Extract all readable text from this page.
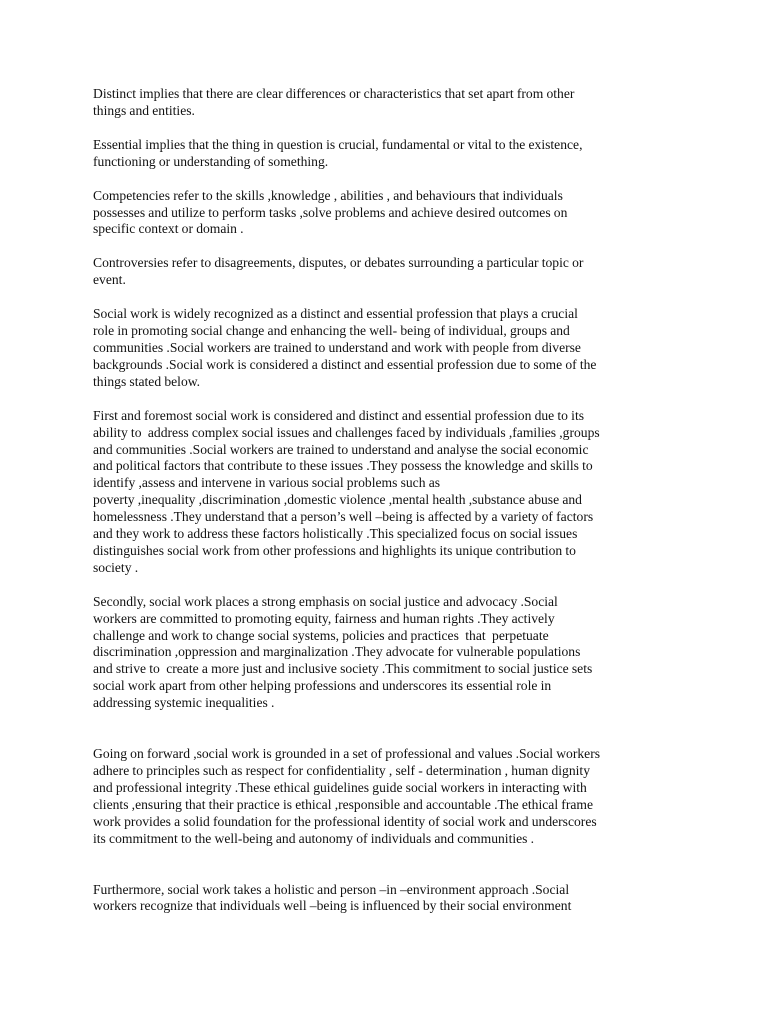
Distinct implies that there are clear differences or characteristics that set apart from other
things and entities.

Essential implies that the thing in question is crucial, fundamental or vital to the existence,
functioning or understanding of something.

Competencies refer to the skills ,knowledge , abilities , and behaviours that individuals
possesses and utilize to perform tasks ,solve problems and achieve desired outcomes on
specific context or domain .

Controversies refer to disagreements, disputes, or debates surrounding a particular topic or
event.

Social work is widely recognized as a distinct and essential profession that plays a crucial
role in promoting social change and enhancing the well- being of individual, groups and
communities .Social workers are trained to understand and work with people from diverse
backgrounds .Social work is considered a distinct and essential profession due to some of the
things stated below.

First and foremost social work is considered and distinct and essential profession due to its
ability to  address complex social issues and challenges faced by individuals ,families ,groups
and communities .Social workers are trained to understand and analyse the social economic
and political factors that contribute to these issues .They possess the knowledge and skills to
identify ,assess and intervene in various social problems such as
poverty ,inequality ,discrimination ,domestic violence ,mental health ,substance abuse and
homelessness .They understand that a person’s well –being is affected by a variety of factors
and they work to address these factors holistically .This specialized focus on social issues
distinguishes social work from other professions and highlights its unique contribution to
society .

Secondly, social work places a strong emphasis on social justice and advocacy .Social
workers are committed to promoting equity, fairness and human rights .They actively
challenge and work to change social systems, policies and practices  that  perpetuate
discrimination ,oppression and marginalization .They advocate for vulnerable populations
and strive to  create a more just and inclusive society .This commitment to social justice sets
social work apart from other helping professions and underscores its essential role in
addressing systemic inequalities .

Going on forward ,social work is grounded in a set of professional and values .Social workers
adhere to principles such as respect for confidentiality , self - determination , human dignity
and professional integrity .These ethical guidelines guide social workers in interacting with
clients ,ensuring that their practice is ethical ,responsible and accountable .The ethical frame
work provides a solid foundation for the professional identity of social work and underscores
its commitment to the well-being and autonomy of individuals and communities .

Furthermore, social work takes a holistic and person –in –environment approach .Social
workers recognize that individuals well –being is influenced by their social environment
